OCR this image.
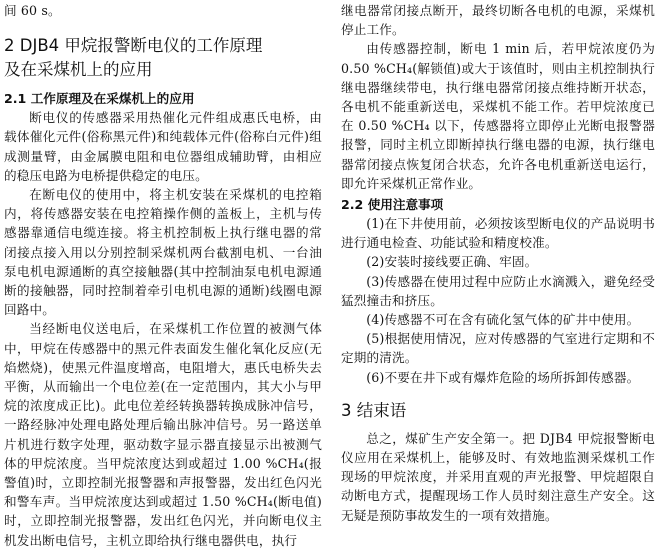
间 60 s。

2 DJB4 甲烷报警断电仪的工作原理
及在采煤机上的应用
2.1 工作原理及在采煤机上的应用

断电仪的传感器采用热催化元件组成惠氏电桥，由载体催化元件(俗称黑元件)和纯载体元件(俗称白元件)组成测量臂，由金属膜电阻和电位器组成辅助臂，由相应的稳压电路为电桥提供稳定的电压。

在断电仪的使用中，将主机安装在采煤机的电控箱内，将传感器安装在电控箱操作侧的盖板上，主机与传感器靠通信电缆连接。将主机控制板上执行继电器的常闭接点接入用以分别控制采煤机两台截割电机、一台油泵电机电源通断的真空接触器(其中控制油泵电机电源通断的接触器，同时控制着牵引电机电源的通断)线圈电源回路中。

当经断电仪送电后，在采煤机工作位置的被测气体中，甲烷在传感器中的黑元件表面发生催化氧化反应(无焰燃烧)，使黑元件温度增高，电阻增大，惠氏电桥失去平衡，从而输出一个电位差(在一定范围内，其大小与甲烷的浓度成正比)。此电位差经转换器转换成脉冲信号，一路经脉冲处理电路处理后输出脉冲信号。另一路送单片机进行数字处理，驱动数字显示器直接显示出被测气体的甲烷浓度。当甲烷浓度达到或超过 1.00 %CH₄(报警值)时，立即控制光报警器和声报警器，发出红色闪光和警车声。当甲烷浓度达到或超过 1.50 %CH₄(断电值)时，立即控制光报警器，发出红色闪光，并向断电仪主机发出断电信号，主机立即给执行继电器供电，执行

继电器常闭接点断开，最终切断各电机的电源，采煤机停止工作。

由传感器控制，断电 1 min 后，若甲烷浓度仍为 0.50 %CH₄(解锁值)或大于该值时，则由主机控制执行继电器继续带电，执行继电器常闭接点维持断开状态，各电机不能重新送电，采煤机不能工作。若甲烷浓度已在 0.50 %CH₄ 以下，传感器将立即停止光断电报警器报警，同时主机立即断掉执行继电器的电源，执行继电器常闭接点恢复闭合状态，允许各电机重新送电运行，即允许采煤机正常作业。

2.2 使用注意事项

(1)在下井使用前，必须按该型断电仪的产品说明书进行通电检查、功能试验和精度校准。

(2)安装时接线要正确、牢固。

(3)传感器在使用过程中应防止水滴溅入，避免经受猛烈撞击和挤压。

(4)传感器不可在含有硫化氢气体的矿井中使用。

(5)根据使用情况，应对传感器的气室进行定期和不定期的清洗。

(6)不要在井下或有爆炸危险的场所拆卸传感器。

3 结束语

总之，煤矿生产安全第一。把 DJB4 甲烷报警断电仪应用在采煤机上，能够及时、有效地监测采煤机工作现场的甲烷浓度，并采用直观的声光报警、甲烷超限自动断电方式，提醒现场工作人员时刻注意生产安全。这无疑是预防事故发生的一项有效措施。
